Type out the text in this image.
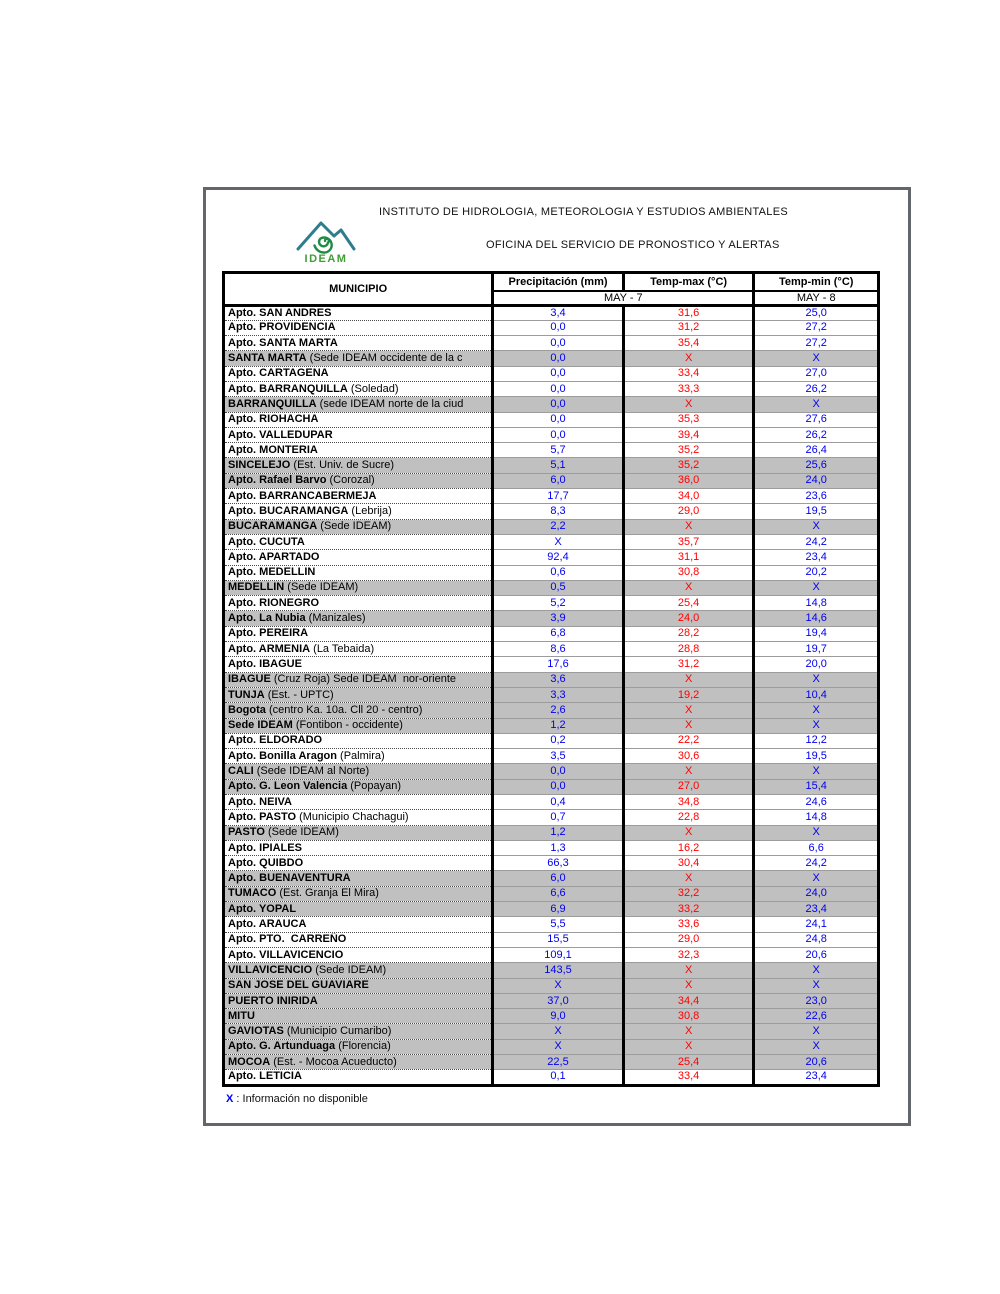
INSTITUTO DE HIDROLOGIA, METEOROLOGIA Y ESTUDIOS AMBIENTALES
OFICINA DEL SERVICIO DE PRONOSTICO Y ALERTAS
IDEAM
MUNICIPIO	Precipitación (mm)	Temp-max (°C)	Temp-min (°C)
	MAY - 7		MAY - 8
Apto. SAN ANDRES	3,4	31,6	25,0
Apto. PROVIDENCIA	0,0	31,2	27,2
Apto. SANTA MARTA	0,0	35,4	27,2
SANTA MARTA (Sede IDEAM occidente de la c	0,0	X	X
Apto. CARTAGENA	0,0	33,4	27,0
Apto. BARRANQUILLA (Soledad)	0,0	33,3	26,2
BARRANQUILLA (sede IDEAM norte de la ciud	0,0	X	X
Apto. RIOHACHA	0,0	35,3	27,6
Apto. VALLEDUPAR	0,0	39,4	26,2
Apto. MONTERIA	5,7	35,2	26,4
SINCELEJO (Est. Univ. de Sucre)	5,1	35,2	25,6
Apto. Rafael Barvo (Corozal)	6,0	36,0	24,0
Apto. BARRANCABERMEJA	17,7	34,0	23,6
Apto. BUCARAMANGA (Lebrija)	8,3	29,0	19,5
BUCARAMANGA (Sede IDEAM)	2,2	X	X
Apto. CUCUTA	X	35,7	24,2
Apto. APARTADO	92,4	31,1	23,4
Apto. MEDELLIN	0,6	30,8	20,2
MEDELLIN (Sede IDEAM)	0,5	X	X
Apto. RIONEGRO	5,2	25,4	14,8
Apto. La Nubia (Manizales)	3,9	24,0	14,6
Apto. PEREIRA	6,8	28,2	19,4
Apto. ARMENIA (La Tebaida)	8,6	28,8	19,7
Apto. IBAGUE	17,6	31,2	20,0
IBAGUE (Cruz Roja) Sede IDEAM  nor-oriente	3,6	X	X
TUNJA (Est. - UPTC)	3,3	19,2	10,4
Bogota (centro Ka. 10a. Cll 20 - centro)	2,6	X	X
Sede IDEAM (Fontibon - occidente)	1,2	X	X
Apto. ELDORADO	0,2	22,2	12,2
Apto. Bonilla Aragon (Palmira)	3,5	30,6	19,5
CALI (Sede IDEAM al Norte)	0,0	X	X
Apto. G. Leon Valencia (Popayan)	0,0	27,0	15,4
Apto. NEIVA	0,4	34,8	24,6
Apto. PASTO (Municipio Chachagui)	0,7	22,8	14,8
PASTO (Sede IDEAM)	1,2	X	X
Apto. IPIALES	1,3	16,2	6,6
Apto. QUIBDO	66,3	30,4	24,2
Apto. BUENAVENTURA	6,0	X	X
TUMACO (Est. Granja El Mira)	6,6	32,2	24,0
Apto. YOPAL	6,9	33,2	23,4
Apto. ARAUCA	5,5	33,6	24,1
Apto. PTO.  CARREÑO	15,5	29,0	24,8
Apto. VILLAVICENCIO	109,1	32,3	20,6
VILLAVICENCIO (Sede IDEAM)	143,5	X	X
SAN JOSE DEL GUAVIARE	X	X	X
PUERTO INIRIDA	37,0	34,4	23,0
MITU	9,0	30,8	22,6
GAVIOTAS (Municipio Cumaribo)	X	X	X
Apto. G. Artunduaga (Florencia)	X	X	X
MOCOA (Est. - Mocoa Acueducto)	22,5	25,4	20,6
Apto. LETICIA	0,1	33,4	23,4
X : Información no disponible
